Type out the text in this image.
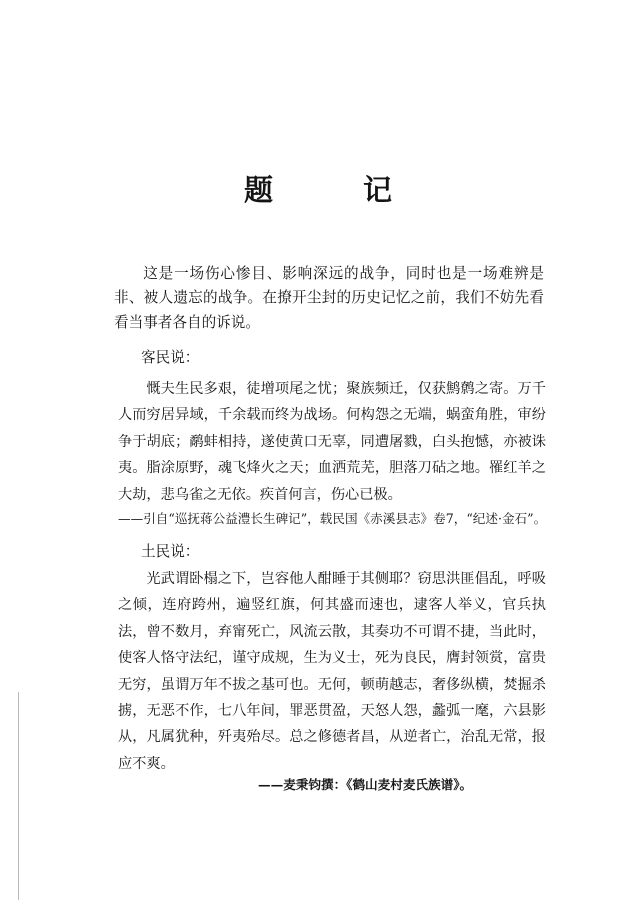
题 记

这是一场伤心惨目、影响深远的战争，同时也是一场难辨是非、被人遗忘的战争。在撩开尘封的历史记忆之前，我们不妨先看看当事者各自的诉说。

客民说：

慨夫生民多艰，徒增项尾之忧；聚族频迁，仅获鹪鹩之寄。万千人而穷居异域，千余载而终为战场。何构怨之无端，蜗蛮角胜，审纷争于胡底；鹬蚌相持，遂使黄口无辜，同遭屠戮，白头抱憾，亦被诛夷。脂涂原野，魂飞烽火之天；血洒荒芜，胆落刀砧之地。罹红羊之大劫，悲乌雀之无依。疾首何言，伤心已极。

——引自“巡抚蒋公益澧长生碑记”，载民国《赤溪县志》卷7，“纪述·金石”。
土民说：

光武谓卧榻之下，岂容他人酣睡于其侧耶？窃思洪匪倡乱，呼吸之倾，连府跨州，遍竖红旗，何其盛而速也，逮客人举义，官兵执法，曾不数月，弃甯死亡，风流云散，其奏功不可谓不捷，当此时，使客人恪守法纪，谨守成规，生为义士，死为良民，膺封领赏，富贵无穷，虽谓万年不拔之基可也。无何，顿萌越志，奢侈纵横，焚掘杀掳，无恶不作，七八年间，罪恶贯盈，天怒人怨，蠡弧一麾，六县影从，凡属犹种，歼夷殆尽。总之修德者昌，从逆者亡，治乱无常，报应不爽。

——麦秉钧撰：《鹤山麦村麦氏族谱》。
